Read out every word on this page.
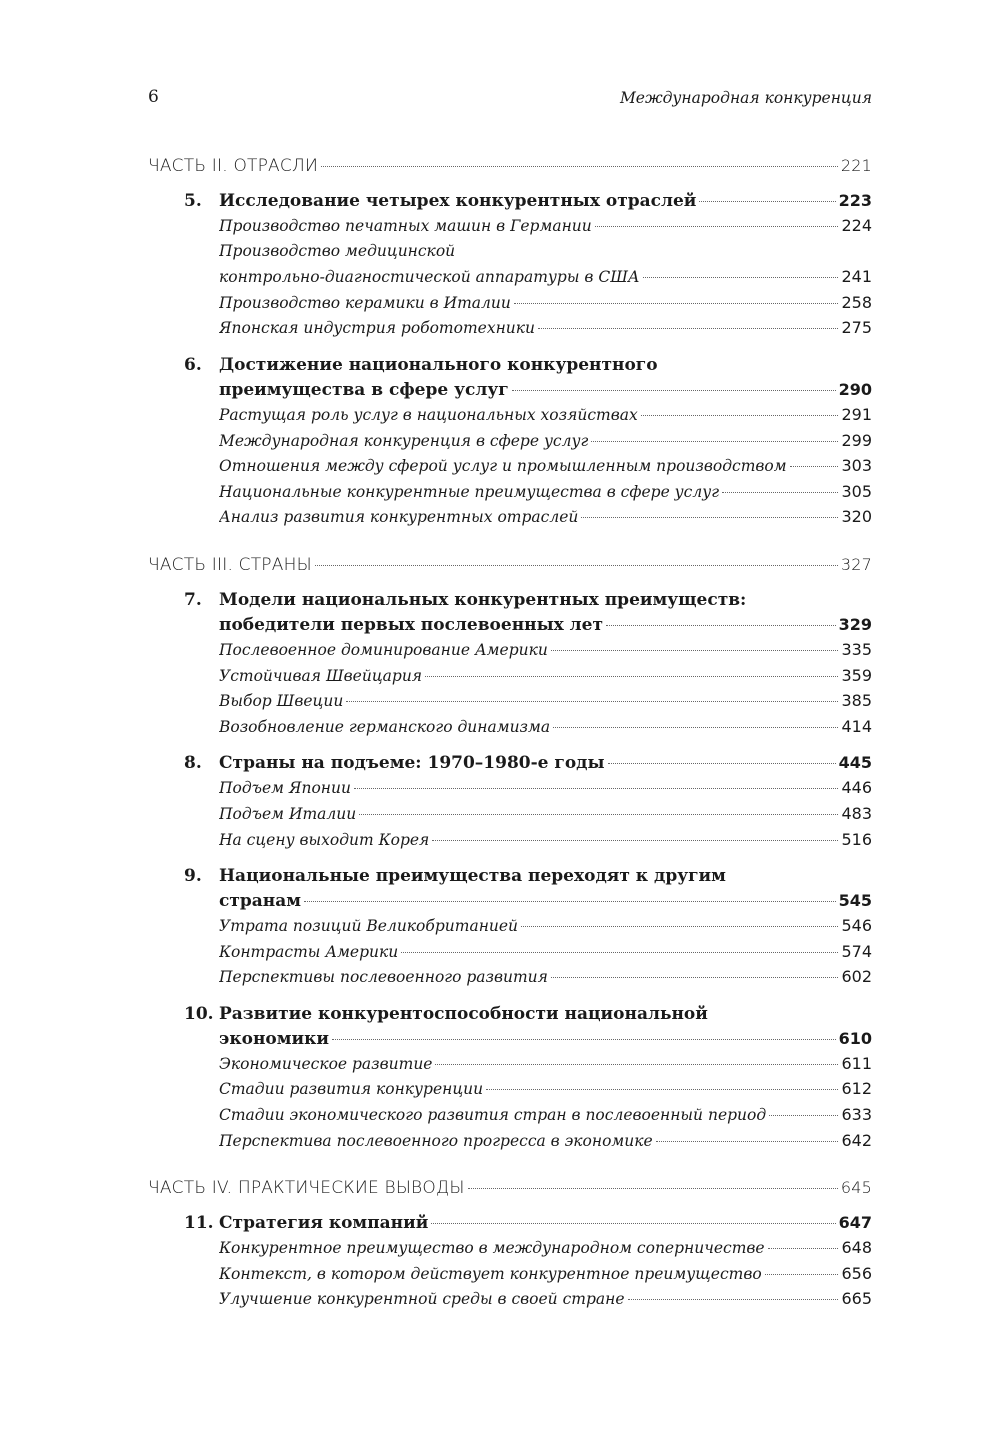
6	Международная конкуренция
ЧАСТЬ II. ОТРАСЛИ	221
5.	Исследование четырех конкурентных отраслей	223
Производство печатных машин в Германии	224
Производство медицинской
контрольно-диагностической аппаратуры в США	241
Производство керамики в Италии	258
Японская индустрия робототехники	275
6.	Достижение национального конкурентного
преимущества в сфере услуг	290
Растущая роль услуг в национальных хозяйствах	291
Международная конкуренция в сфере услуг	299
Отношения между сферой услуг и промышленным производством	303
Национальные конкурентные преимущества в сфере услуг	305
Анализ развития конкурентных отраслей	320
ЧАСТЬ III. СТРАНЫ	327
7.	Модели национальных конкурентных преимуществ:
победители первых послевоенных лет	329
Послевоенное доминирование Америки	335
Устойчивая Швейцария	359
Выбор Швеции	385
Возобновление германского динамизма	414
8.	Страны на подъеме: 1970–1980-е годы	445
Подъем Японии	446
Подъем Италии	483
На сцену выходит Корея	516
9.	Национальные преимущества переходят к другим
странам	545
Утрата позиций Великобританией	546
Контрасты Америки	574
Перспективы послевоенного развития	602
10. Развитие конкурентоспособности национальной
экономики	610
Экономическое развитие	611
Стадии развития конкуренции	612
Стадии экономического развития стран в послевоенный период	633
Перспектива послевоенного прогресса в экономике	642
ЧАСТЬ IV. ПРАКТИЧЕСКИЕ ВЫВОДЫ	645
11. Стратегия компаний	647
Конкурентное преимущество в международном соперничестве	648
Контекст, в котором действует конкурентное преимущество	656
Улучшение конкурентной среды в своей стране	665
